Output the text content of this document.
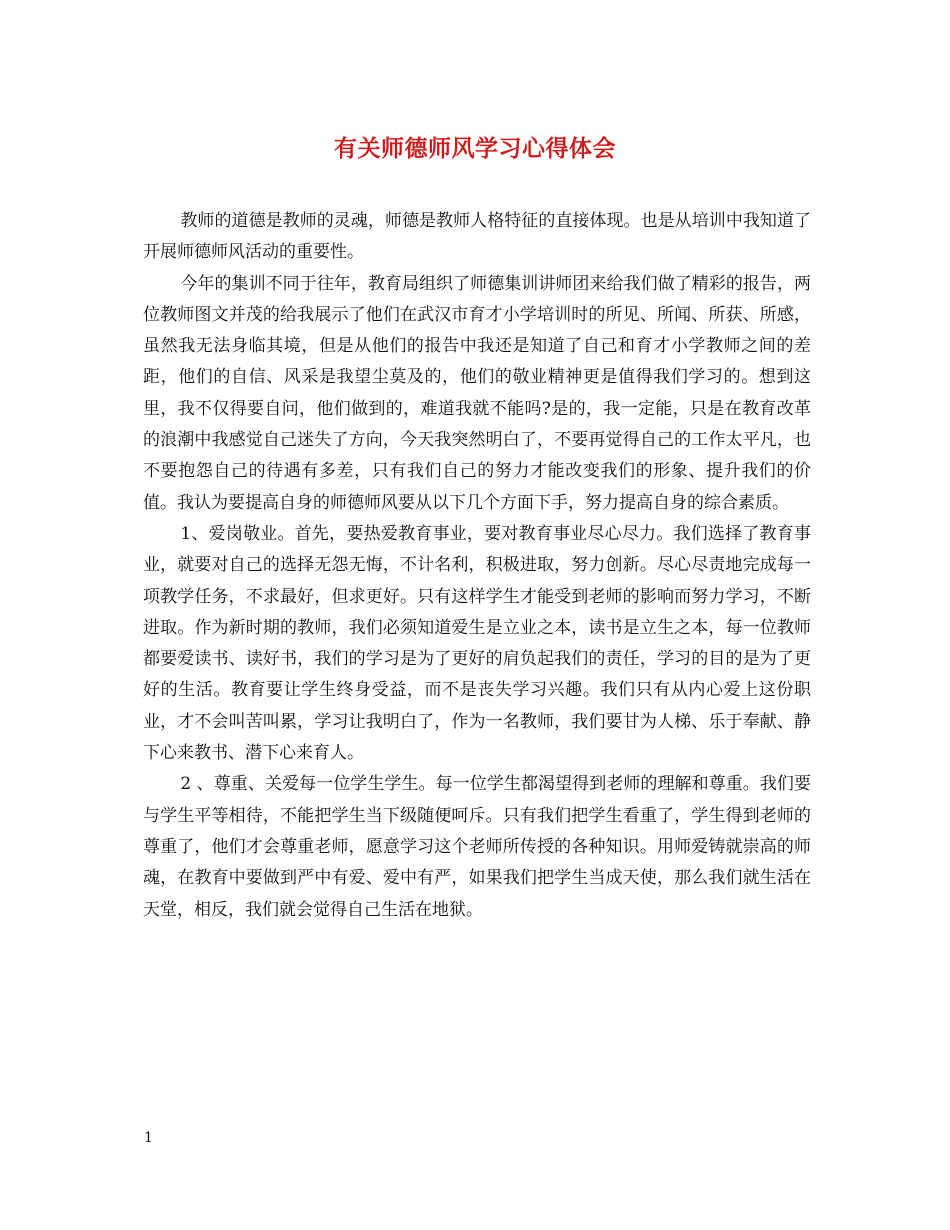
有关师德师风学习心得体会

教师的道德是教师的灵魂，师德是教师人格特征的直接体现。也是从培训中我知道了开展师德师风活动的重要性。

今年的集训不同于往年，教育局组织了师德集训讲师团来给我们做了精彩的报告，两位教师图文并茂的给我展示了他们在武汉市育才小学培训时的所见、所闻、所获、所感，虽然我无法身临其境，但是从他们的报告中我还是知道了自己和育才小学教师之间的差距，他们的自信、风采是我望尘莫及的，他们的敬业精神更是值得我们学习的。想到这里，我不仅得要自问，他们做到的，难道我就不能吗?是的，我一定能，只是在教育改革的浪潮中我感觉自己迷失了方向，今天我突然明白了，不要再觉得自己的工作太平凡，也不要抱怨自己的待遇有多差，只有我们自己的努力才能改变我们的形象、提升我们的价值。我认为要提高自身的师德师风要从以下几个方面下手，努力提高自身的综合素质。

1、爱岗敬业。首先，要热爱教育事业，要对教育事业尽心尽力。我们选择了教育事业，就要对自己的选择无怨无悔，不计名利，积极进取，努力创新。尽心尽责地完成每一项教学任务，不求最好，但求更好。只有这样学生才能受到老师的影响而努力学习，不断进取。作为新时期的教师，我们必须知道爱生是立业之本，读书是立生之本，每一位教师都要爱读书、读好书，我们的学习是为了更好的肩负起我们的责任，学习的目的是为了更好的生活。教育要让学生终身受益，而不是丧失学习兴趣。我们只有从内心爱上这份职业，才不会叫苦叫累，学习让我明白了，作为一名教师，我们要甘为人梯、乐于奉献、静下心来教书、潜下心来育人。

2 、尊重、关爱每一位学生学生。每一位学生都渴望得到老师的理解和尊重。我们要与学生平等相待，不能把学生当下级随便呵斥。只有我们把学生看重了，学生得到老师的尊重了，他们才会尊重老师，愿意学习这个老师所传授的各种知识。用师爱铸就崇高的师魂，在教育中要做到严中有爱、爱中有严，如果我们把学生当成天使，那么我们就生活在天堂，相反，我们就会觉得自己生活在地狱。

1
